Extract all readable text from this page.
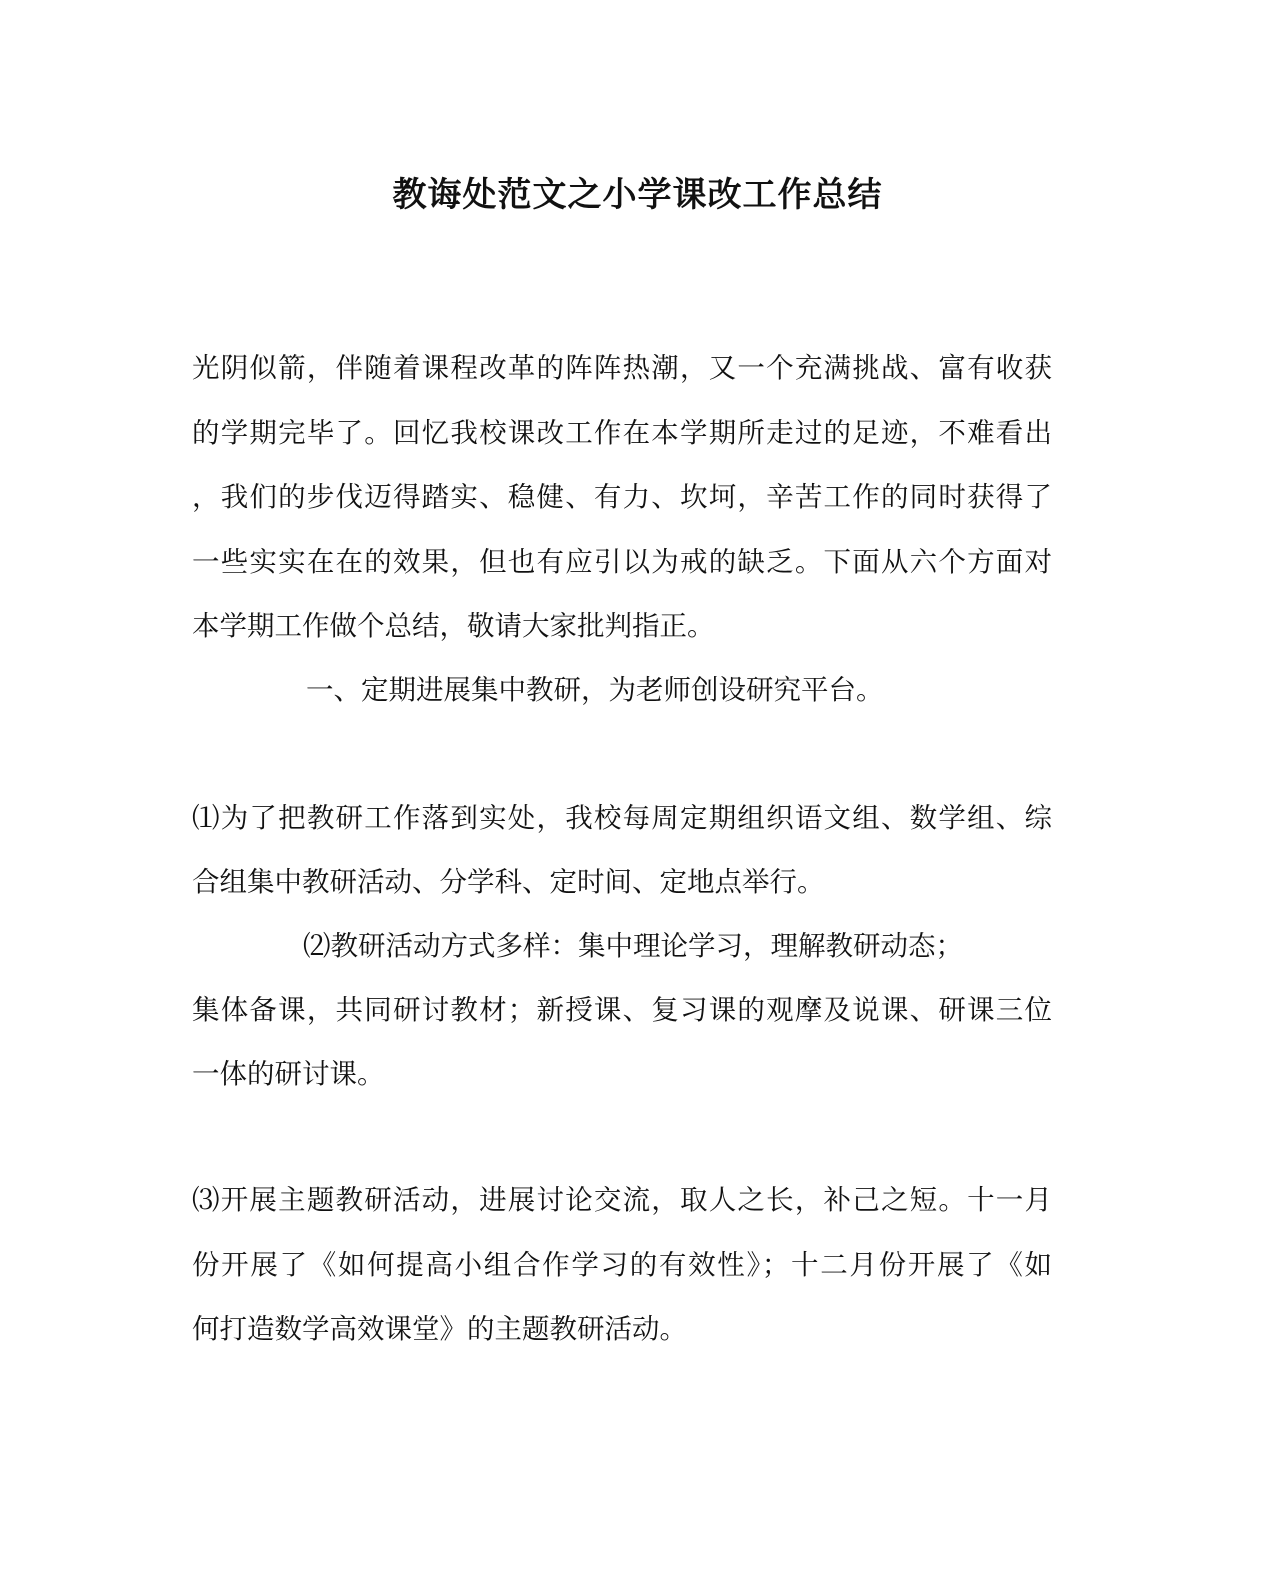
教诲处范文之小学课改工作总结
光阴似箭，伴随着课程改革的阵阵热潮，又一个充满挑战、富有收获
的学期完毕了。回忆我校课改工作在本学期所走过的足迹，不难看出
，我们的步伐迈得踏实、稳健、有力、坎坷，辛苦工作的同时获得了
一些实实在在的效果，但也有应引以为戒的缺乏。下面从六个方面对
本学期工作做个总结，敬请大家批判指正。
一、定期进展集中教研，为老师创设研究平台。
⑴为了把教研工作落到实处，我校每周定期组织语文组、数学组、综
合组集中教研活动、分学科、定时间、定地点举行。
⑵教研活动方式多样：集中理论学习，理解教研动态；
集体备课，共同研讨教材；新授课、复习课的观摩及说课、研课三位
一体的研讨课。
⑶开展主题教研活动，进展讨论交流，取人之长，补己之短。十一月
份开展了《如何提高小组合作学习的有效性》；十二月份开展了《如
何打造数学高效课堂》的主题教研活动。
